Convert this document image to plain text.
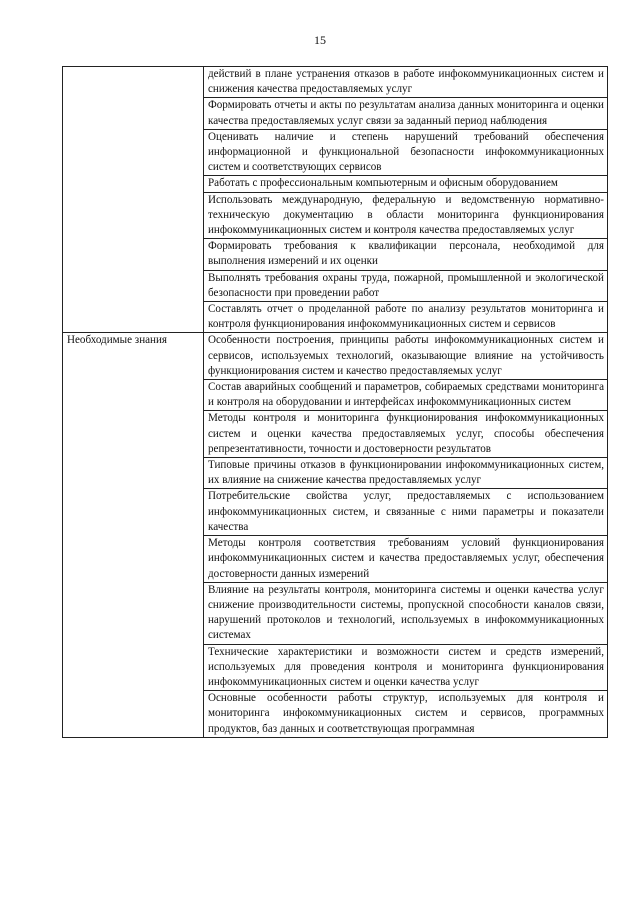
15
	действий в плане устранения отказов в работе инфокоммуникационных систем и снижения качества предоставляемых услуг
	Формировать отчеты и акты по результатам анализа данных мониторинга и оценки качества предоставляемых услуг связи за заданный период наблюдения
	Оценивать наличие и степень нарушений требований обеспечения информационной и функциональной безопасности инфокоммуникационных систем и соответствующих сервисов
	Работать с профессиональным компьютерным и офисным оборудованием
	Использовать международную, федеральную и ведомственную нормативно-техническую документацию в области мониторинга функционирования инфокоммуникационных систем и контроля качества предоставляемых услуг
	Формировать требования к квалификации персонала, необходимой для выполнения измерений и их оценки
	Выполнять требования охраны труда, пожарной, промышленной и экологической безопасности при проведении работ
	Составлять отчет о проделанной работе по анализу результатов мониторинга и контроля функционирования инфокоммуникационных систем и сервисов
Необходимые знания	Особенности построения, принципы работы инфокоммуникационных систем и сервисов, используемых технологий, оказывающие влияние на устойчивость функционирования систем и качество предоставляемых услуг
	Состав аварийных сообщений и параметров, собираемых средствами мониторинга и контроля на оборудовании и интерфейсах инфокоммуникационных систем
	Методы контроля и мониторинга функционирования инфокоммуникационных систем и оценки качества предоставляемых услуг, способы обеспечения репрезентативности, точности и достоверности результатов
	Типовые причины отказов в функционировании инфокоммуникационных систем, их влияние на снижение качества предоставляемых услуг
	Потребительские свойства услуг, предоставляемых с использованием инфокоммуникационных систем, и связанные с ними параметры и показатели качества
	Методы контроля соответствия требованиям условий функционирования инфокоммуникационных систем и качества предоставляемых услуг, обеспечения достоверности данных измерений
	Влияние на результаты контроля, мониторинга системы и оценки качества услуг снижение производительности системы, пропускной способности каналов связи, нарушений протоколов и технологий, используемых в инфокоммуникационных системах
	Технические характеристики и возможности систем и средств измерений, используемых для проведения контроля и мониторинга функционирования инфокоммуникационных систем и оценки качества услуг
	Основные особенности работы структур, используемых для контроля и мониторинга инфокоммуникационных систем и сервисов, программных продуктов, баз данных и соответствующая программная
